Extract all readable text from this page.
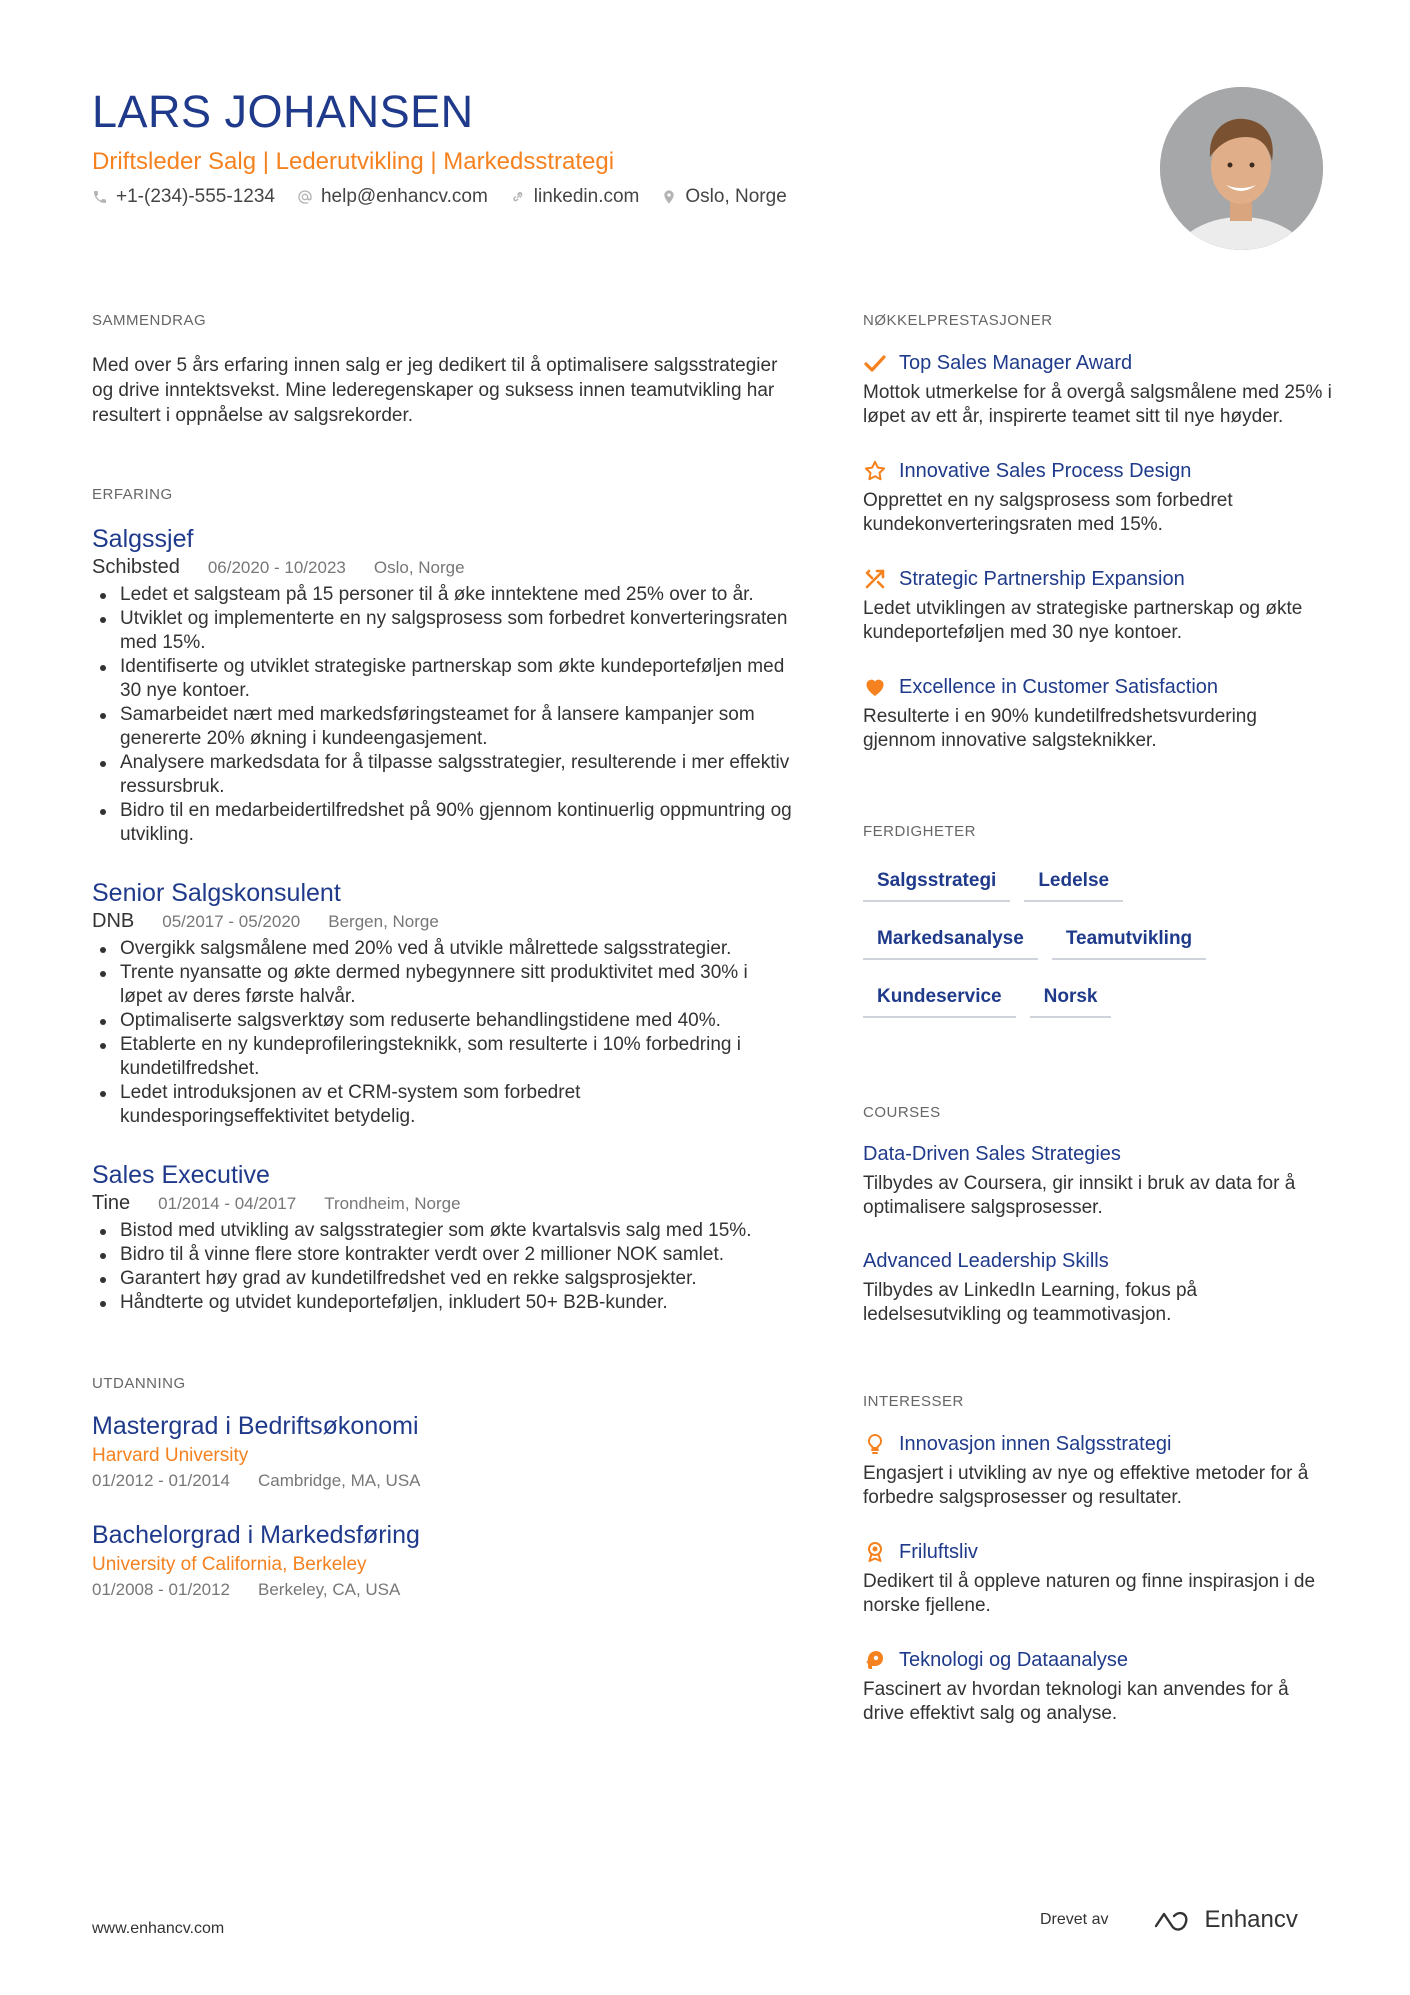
LARS JOHANSEN
Driftsleder Salg | Lederutvikling | Markedsstrategi
+1-(234)-555-1234 help@enhancv.com linkedin.com Oslo, Norge
SAMMENDRAG
Med over 5 års erfaring innen salg er jeg dedikert til å optimalisere salgsstrategier og drive inntektsvekst. Mine lederegenskaper og suksess innen teamutvikling har resultert i oppnåelse av salgsrekorder.
ERFARING
Salgssjef
Schibsted 06/2020 - 10/2023 Oslo, Norge
Ledet et salgsteam på 15 personer til å øke inntektene med 25% over to år.
Utviklet og implementerte en ny salgsprosess som forbedret konverteringsraten med 15%.
Identifiserte og utviklet strategiske partnerskap som økte kundeporteføljen med 30 nye kontoer.
Samarbeidet nært med markedsføringsteamet for å lansere kampanjer som genererte 20% økning i kundeengasjement.
Analysere markedsdata for å tilpasse salgsstrategier, resulterende i mer effektiv ressursbruk.
Bidro til en medarbeidertilfredshet på 90% gjennom kontinuerlig oppmuntring og utvikling.
Senior Salgskonsulent
DNB 05/2017 - 05/2020 Bergen, Norge
Overgikk salgsmålene med 20% ved å utvikle målrettede salgsstrategier.
Trente nyansatte og økte dermed nybegynnere sitt produktivitet med 30% i løpet av deres første halvår.
Optimaliserte salgsverktøy som reduserte behandlingstidene med 40%.
Etablerte en ny kundeprofileringsteknikk, som resulterte i 10% forbedring i kundetilfredshet.
Ledet introduksjonen av et CRM-system som forbedret kundesporingseffektivitet betydelig.
Sales Executive
Tine 01/2014 - 04/2017 Trondheim, Norge
Bistod med utvikling av salgsstrategier som økte kvartalsvis salg med 15%.
Bidro til å vinne flere store kontrakter verdt over 2 millioner NOK samlet.
Garantert høy grad av kundetilfredshet ved en rekke salgsprosjekter.
Håndterte og utvidet kundeporteføljen, inkludert 50+ B2B-kunder.
UTDANNING
Mastergrad i Bedriftsøkonomi
Harvard University
01/2012 - 01/2014 Cambridge, MA, USA
Bachelorgrad i Markedsføring
University of California, Berkeley
01/2008 - 01/2012 Berkeley, CA, USA
NØKKELPRESTASJONER
Top Sales Manager Award
Mottok utmerkelse for å overgå salgsmålene med 25% i løpet av ett år, inspirerte teamet sitt til nye høyder.
Innovative Sales Process Design
Opprettet en ny salgsprosess som forbedret kundekonverteringsraten med 15%.
Strategic Partnership Expansion
Ledet utviklingen av strategiske partnerskap og økte kundeporteføljen med 30 nye kontoer.
Excellence in Customer Satisfaction
Resulterte i en 90% kundetilfredshetsvurdering gjennom innovative salgsteknikker.
FERDIGHETER
Salgsstrategi	Ledelse
Markedsanalyse	Teamutvikling
Kundeservice	Norsk
COURSES
Data-Driven Sales Strategies
Tilbydes av Coursera, gir innsikt i bruk av data for å optimalisere salgsprosesser.
Advanced Leadership Skills
Tilbydes av LinkedIn Learning, fokus på ledelsesutvikling og teammotivasjon.
INTERESSER
Innovasjon innen Salgsstrategi
Engasjert i utvikling av nye og effektive metoder for å forbedre salgsprosesser og resultater.
Friluftsliv
Dedikert til å oppleve naturen og finne inspirasjon i de norske fjellene.
Teknologi og Dataanalyse
Fascinert av hvordan teknologi kan anvendes for å drive effektivt salg og analyse.
www.enhancv.com
Drevet av	Enhancv
